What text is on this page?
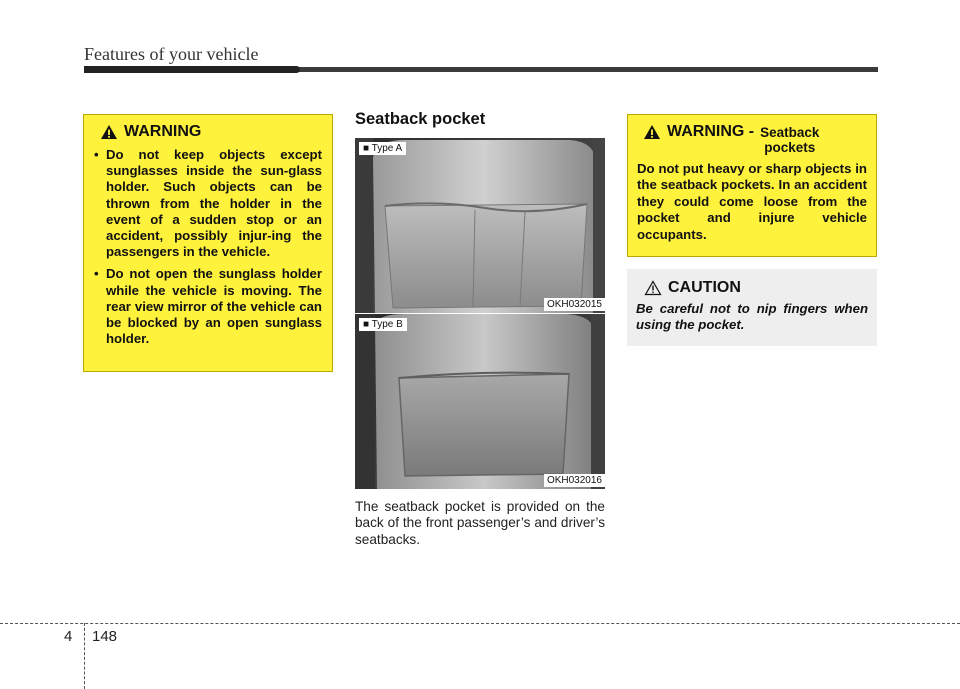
Features of your vehicle
WARNING
• Do not keep objects except sunglasses inside the sun-glass holder. Such objects can be thrown from the holder in the event of a sudden stop or an accident, possibly injur-ing the passengers in the vehicle.
• Do not open the sunglass holder while the vehicle is moving. The rear view mirror of the vehicle can be blocked by an open sunglass holder.
Seatback pocket
■ Type A
OKH032015
■ Type B
OKH032016
The seatback pocket is provided on the back of the front passenger’s and driver’s seatbacks.
WARNING - Seatback
pockets
Do not put heavy or sharp objects in the seatback pockets. In an accident they could come loose from the pocket and injure vehicle occupants.
CAUTION
Be careful not to nip fingers when using the pocket.
4 148
